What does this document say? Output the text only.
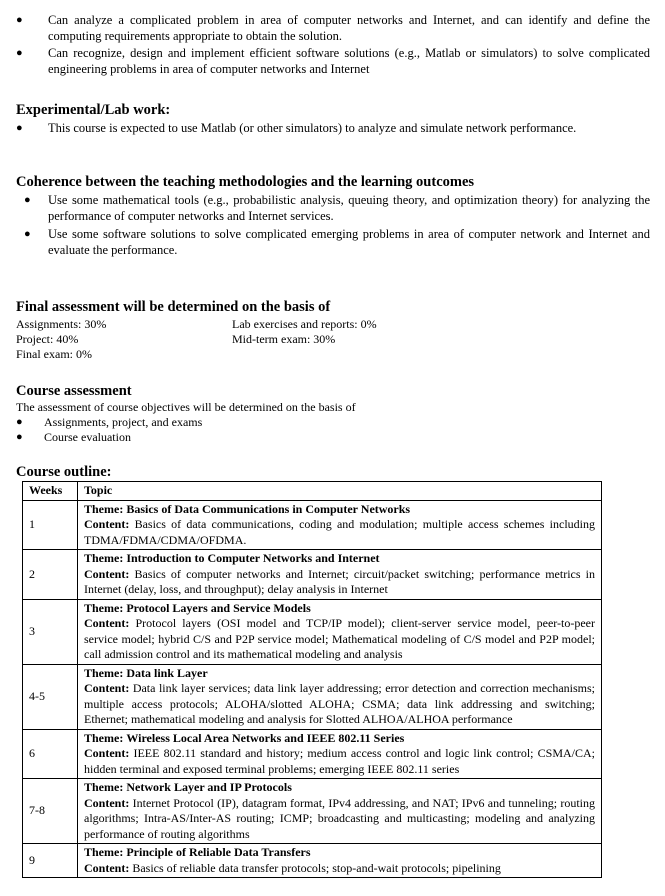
● Can analyze a complicated problem in area of computer networks and Internet, and can identify and define the computing requirements appropriate to obtain the solution.
● Can recognize, design and implement efficient software solutions (e.g., Matlab or simulators) to solve complicated engineering problems in area of computer networks and Internet
Experimental/Lab work:
● This course is expected to use Matlab (or other simulators) to analyze and simulate network performance.
Coherence between the teaching methodologies and the learning outcomes
● Use some mathematical tools (e.g., probabilistic analysis, queuing theory, and optimization theory) for analyzing the performance of computer networks and Internet services.
● Use some software solutions to solve complicated emerging problems in area of computer network and Internet and evaluate the performance.
Final assessment will be determined on the basis of
Assignments: 30%	Lab exercises and reports: 0%
Project: 40%	Mid-term exam: 30%
Final exam: 0%
Course assessment
The assessment of course objectives will be determined on the basis of
● Assignments, project, and exams
● Course evaluation
Course outline:
Weeks	Topic
1	Theme: Basics of Data Communications in Computer Networks
Content: Basics of data communications, coding and modulation; multiple access schemes including TDMA/FDMA/CDMA/OFDMA.

2	Theme: Introduction to Computer Networks and Internet
Content: Basics of computer networks and Internet; circuit/packet switching; performance metrics in Internet (delay, loss, and throughput); delay analysis in Internet

3	Theme: Protocol Layers and Service Models
Content: Protocol layers (OSI model and TCP/IP model); client-server service model, peer-to-peer service model; hybrid C/S and P2P service model; Mathematical modeling of C/S model and P2P model; call admission control and its mathematical modeling and analysis

4-5	Theme: Data link Layer
Content: Data link layer services; data link layer addressing; error detection and correction mechanisms; multiple access protocols; ALOHA/slotted ALOHA; CSMA; data link addressing and switching; Ethernet; mathematical modeling and analysis for Slotted ALHOA/ALHOA performance

6	Theme: Wireless Local Area Networks and IEEE 802.11 Series
Content: IEEE 802.11 standard and history; medium access control and logic link control; CSMA/CA; hidden terminal and exposed terminal problems; emerging IEEE 802.11 series

7-8	Theme: Network Layer and IP Protocols
Content: Internet Protocol (IP), datagram format, IPv4 addressing, and NAT; IPv6 and tunneling; routing algorithms; Intra-AS/Inter-AS routing; ICMP; broadcasting and multicasting; modeling and analyzing performance of routing algorithms

9	Theme: Principle of Reliable Data Transfers
Content: Basics of reliable data transfer protocols; stop-and-wait protocols; pipelining
